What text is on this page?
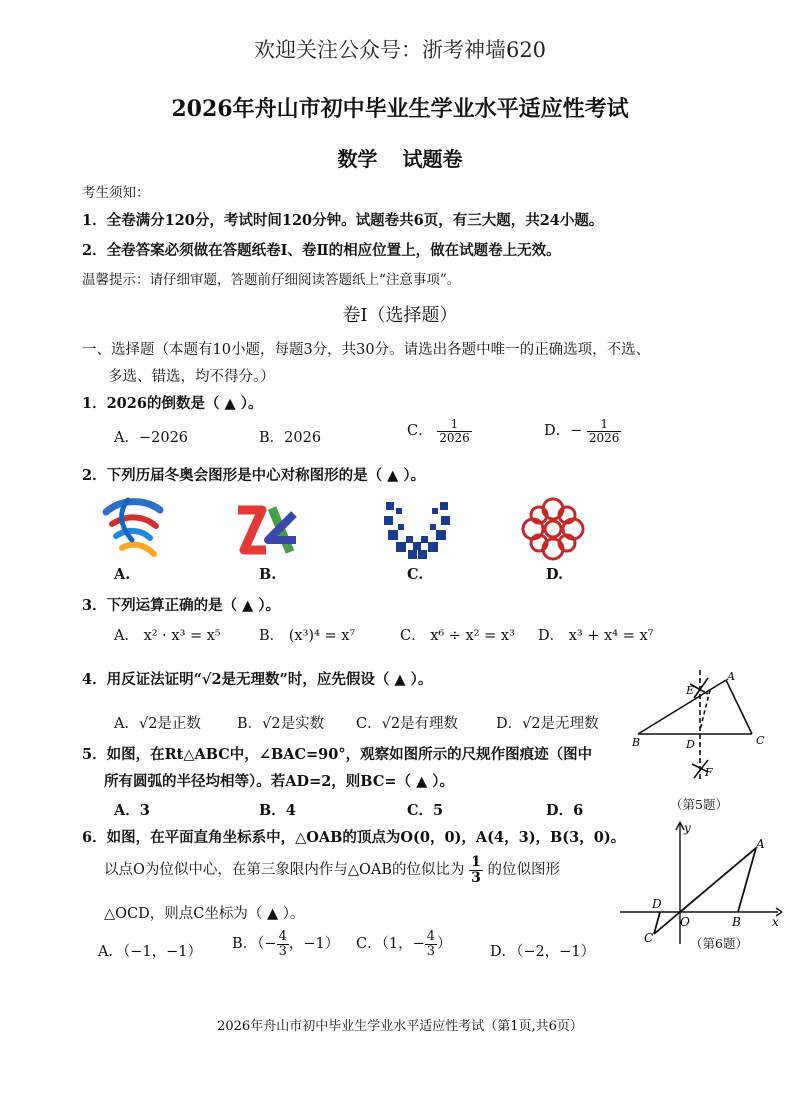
欢迎关注公众号：浙考神墙620
2026年舟山市初中毕业生学业水平适应性考试
数学 试题卷
考生须知：
1．全卷满分120分，考试时间120分钟。试题卷共6页，有三大题，共24小题。
2．全卷答案必须做在答题纸卷Ⅰ、卷Ⅱ的相应位置上，做在试题卷上无效。
温馨提示：请仔细审题，答题前仔细阅读答题纸上“注意事项”。
卷Ⅰ（选择题）
一、选择题（本题有10小题，每题3分，共30分。请选出各题中唯一的正确选项，不选、
多选、错选，均不得分。）
1．2026的倒数是（ ▲ ）。
A．−2026	B．2026	C． $\frac{1}{2026}$	D．− $\frac{1}{2026}$
2．下列历届冬奥会图形是中心对称图形的是（ ▲ ）。
A.	B.	C.	D.
3．下列运算正确的是（ ▲ ）。
A． x² · x³ = x⁵	B． (x³)⁴ = x⁷	C． x⁶ ÷ x² = x³ D． x³ + x⁴ = x⁷
4．用反证法证明“√2是无理数”时，应先假设（ ▲ ）。
A．√2是正数 B．√2是实数 C．√2是有理数	D．√2是无理数
E
A
B	D	C
F
（第5题）
5．如图，在Rt△ABC中，∠BAC=90°，观察如图所示的尺规作图痕迹（图中
所有圆弧的半径均相等）。若AD=2，则BC=（ ▲ ）。
A．3	B．4	C．5	D．6
6．如图，在平面直角坐标系中，△OAB的顶点为O(0，0)，A(4，3)，B(3，0)。
以点O为位似中心，在第三象限内作与△OAB的位似比为 $\frac{1}{3}$ 的位似图形
△OCD，则点C坐标为（ ▲ ）。
A．（−1，−1） B．（− $\frac{4}{3}$ ，−1） C．（1，− $\frac{4}{3}$ ）	D．（−2，−1）
y
A
D
O	B	x
C	（第6题）
2026年舟山市初中毕业生学业水平适应性考试（第1页,共6页）
